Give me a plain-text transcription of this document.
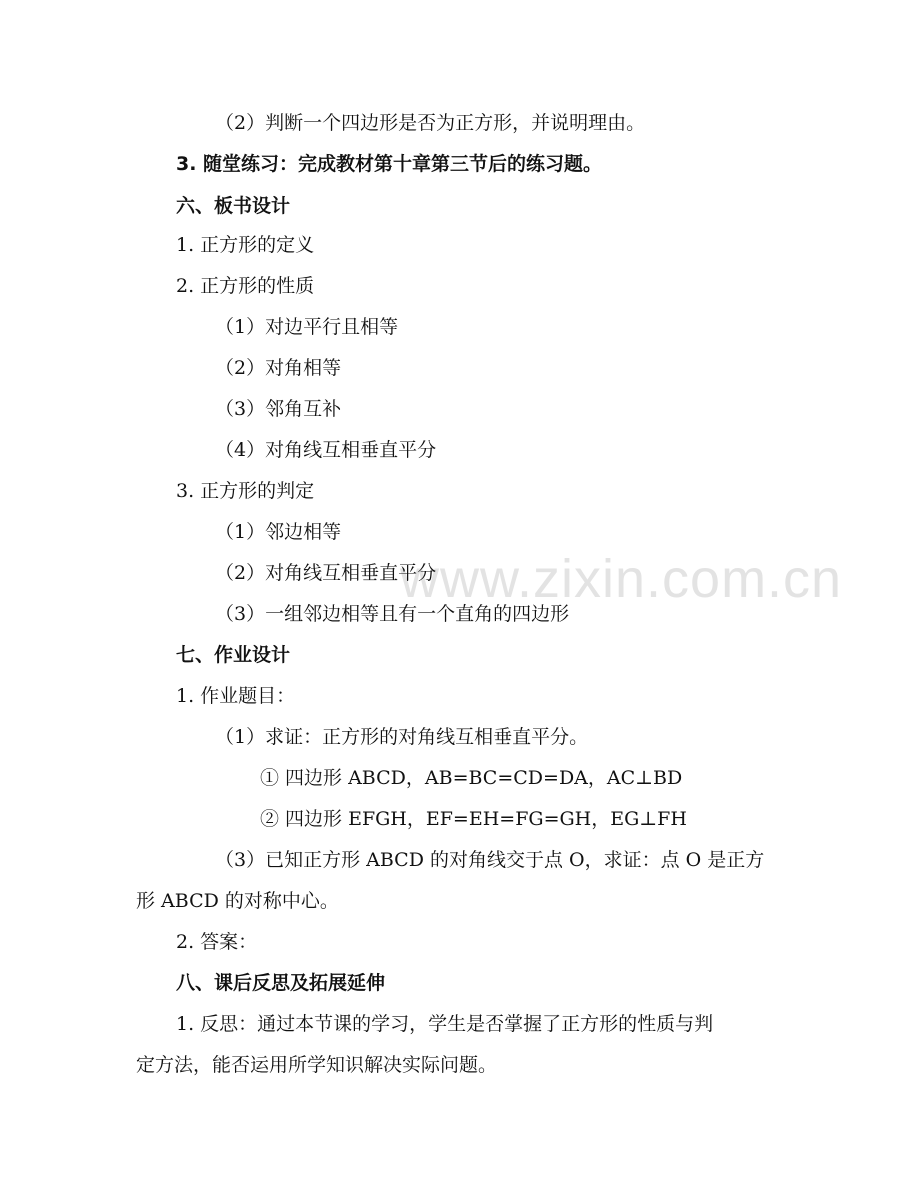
www.zixin.com.cn
（2）判断一个四边形是否为正方形，并说明理由。
3. 随堂练习：完成教材第十章第三节后的练习题。
六、板书设计
1. 正方形的定义
2. 正方形的性质
（1）对边平行且相等
（2）对角相等
（3）邻角互补
（4）对角线互相垂直平分
3. 正方形的判定
（1）邻边相等
（2）对角线互相垂直平分
（3）一组邻边相等且有一个直角的四边形
七、作业设计
1. 作业题目：
（1）求证：正方形的对角线互相垂直平分。
① 四边形 ABCD，AB=BC=CD=DA，AC⊥BD
② 四边形 EFGH，EF=EH=FG=GH，EG⊥FH
（3）已知正方形 ABCD 的对角线交于点 O，求证：点 O 是正方
形 ABCD 的对称中心。
2. 答案：
八、课后反思及拓展延伸
1. 反思：通过本节课的学习，学生是否掌握了正方形的性质与判
定方法，能否运用所学知识解决实际问题。
